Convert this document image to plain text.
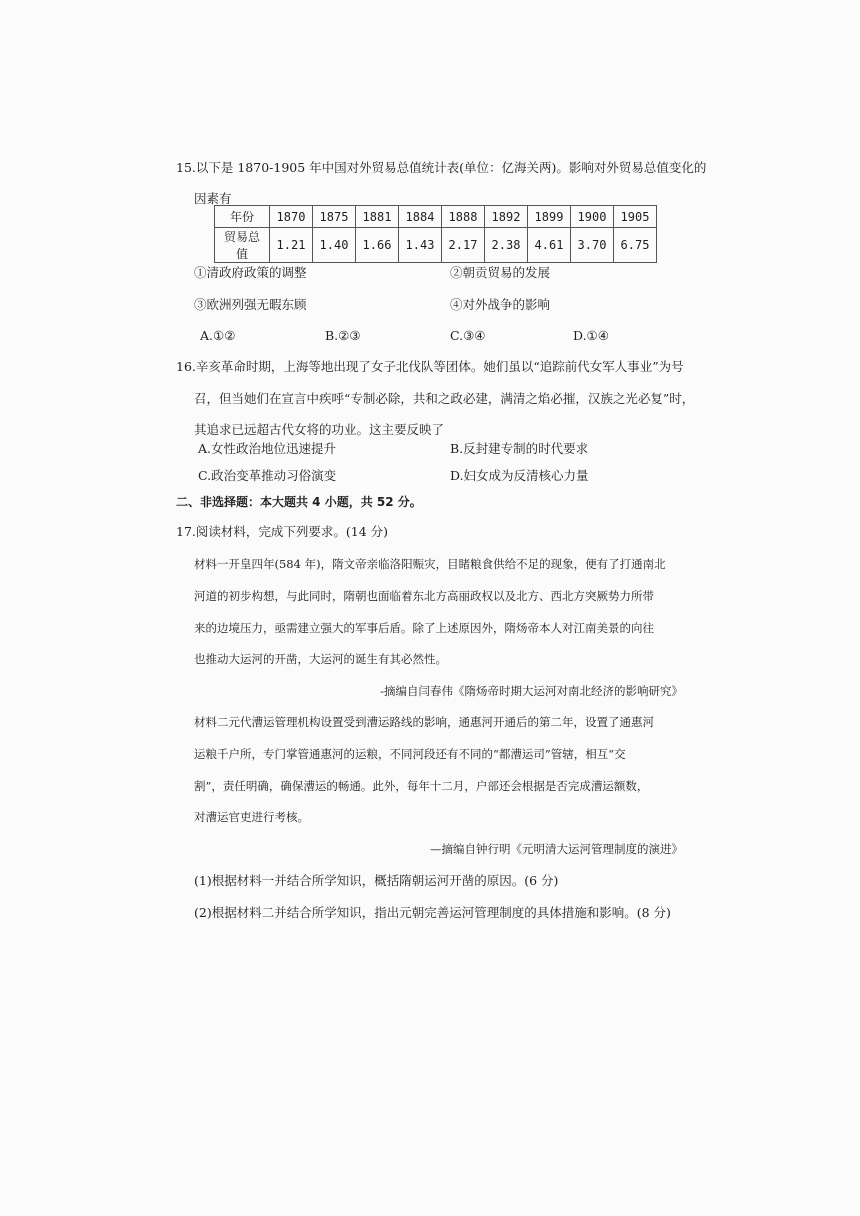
15.以下是 1870-1905 年中国对外贸易总值统计表(单位：亿海关两)。影响对外贸易总值变化的
因素有
年份	1870	1875	1881	1884	1888	1892	1899	1900	1905
贸易总值	1.21	1.40	1.66	1.43	2.17	2.38	4.61	3.70	6.75
①清政府政策的调整	②朝贡贸易的发展
③欧洲列强无暇东顾	④对外战争的影响
A.①②	B.②③	C.③④	D.①④
16.辛亥革命时期，上海等地出现了女子北伐队等团体。她们虽以“追踪前代女军人事业”为号
召，但当她们在宣言中疾呼“专制必除，共和之政必建，满清之焰必摧，汉族之光必复”时，
其追求已远超古代女将的功业。这主要反映了
A.女性政治地位迅速提升	B.反封建专制的时代要求
C.政治变革推动习俗演变	D.妇女成为反清核心力量
二、非选择题：本大题共 4 小题，共 52 分。
17.阅读材料，完成下列要求。(14 分)
材料一开皇四年(584 年)，隋文帝亲临洛阳赈灾，目睹粮食供给不足的现象，便有了打通南北
河道的初步构想，与此同时，隋朝也面临着东北方高丽政权以及北方、西北方突厥势力所带
来的边境压力，亟需建立强大的军事后盾。除了上述原因外，隋炀帝本人对江南美景的向往
也推动大运河的开凿，大运河的诞生有其必然性。
-摘编自闫春伟《隋炀帝时期大运河对南北经济的影响研究》
材料二元代漕运管理机构设置受到漕运路线的影响，通惠河开通后的第二年，设置了通惠河
运粮千户所，专门掌管通惠河的运粮，不同河段还有不同的“都漕运司”管辖，相互“交
割”，责任明确，确保漕运的畅通。此外，每年十二月，户部还会根据是否完成漕运额数，
对漕运官吏进行考核。
—摘编自钟行明《元明清大运河管理制度的演进》
(1)根据材料一并结合所学知识，概括隋朝运河开凿的原因。(6 分)
(2)根据材料二并结合所学知识，指出元朝完善运河管理制度的具体措施和影响。(8 分)
